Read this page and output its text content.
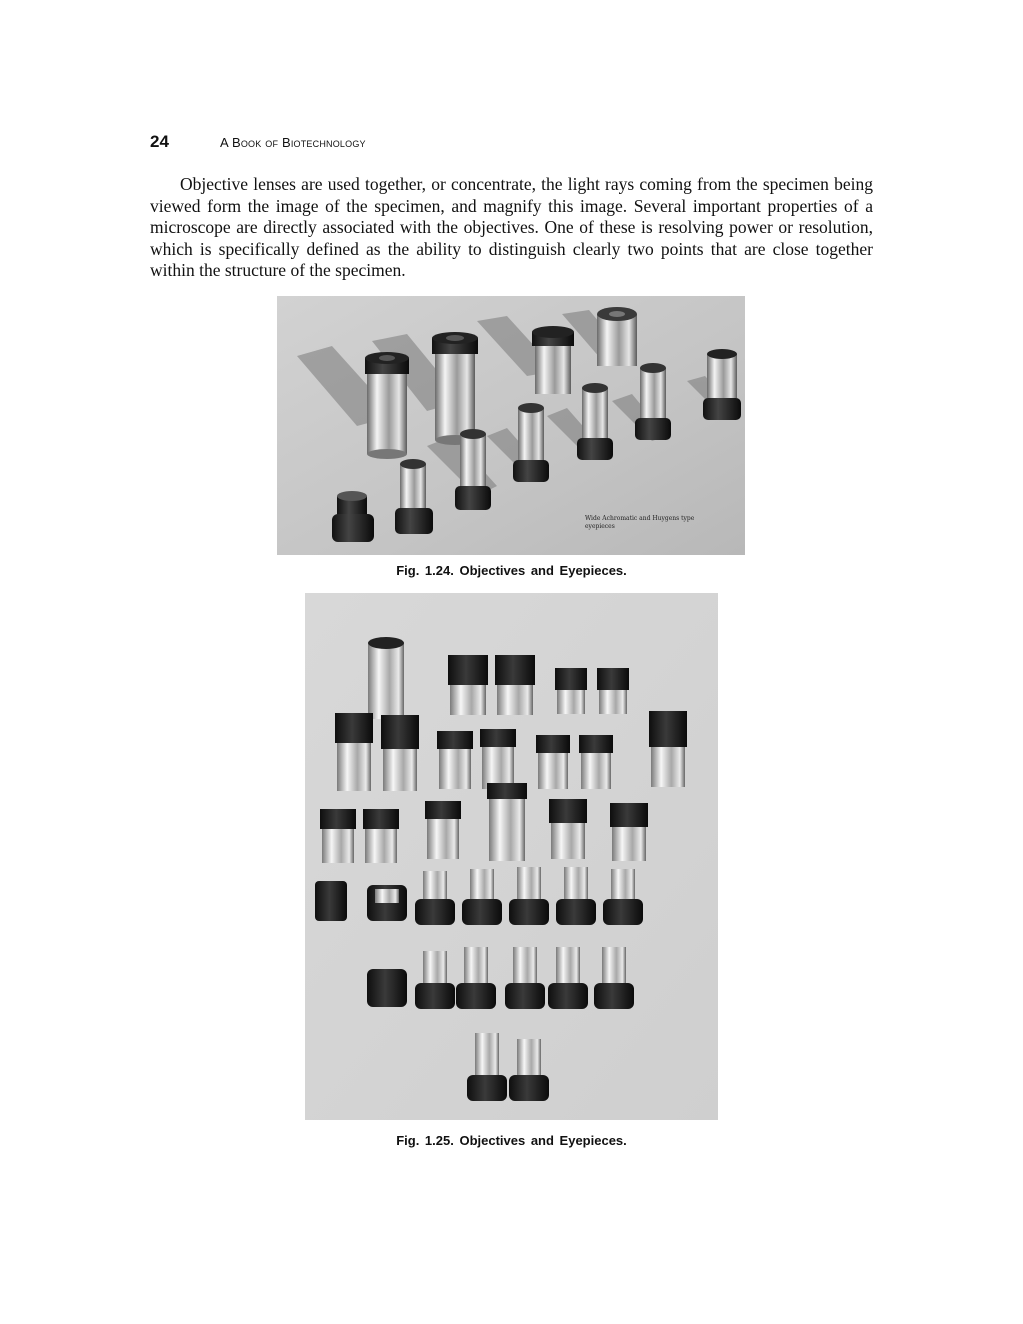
24	A Book of Biotechnology

Objective lenses are used together, or concentrate, the light rays coming from the specimen being viewed form the image of the specimen, and magnify this image. Several important properties of a microscope are directly associated with the objectives. One of these is resolving power or resolution, which is specifically defined as the ability to distinguish clearly two points that are close together within the structure of the specimen.

Wide Achromatic and Huygens type
eyepieces
Fig. 1.24. Objectives and Eyepieces.
Fig. 1.25. Objectives and Eyepieces.
